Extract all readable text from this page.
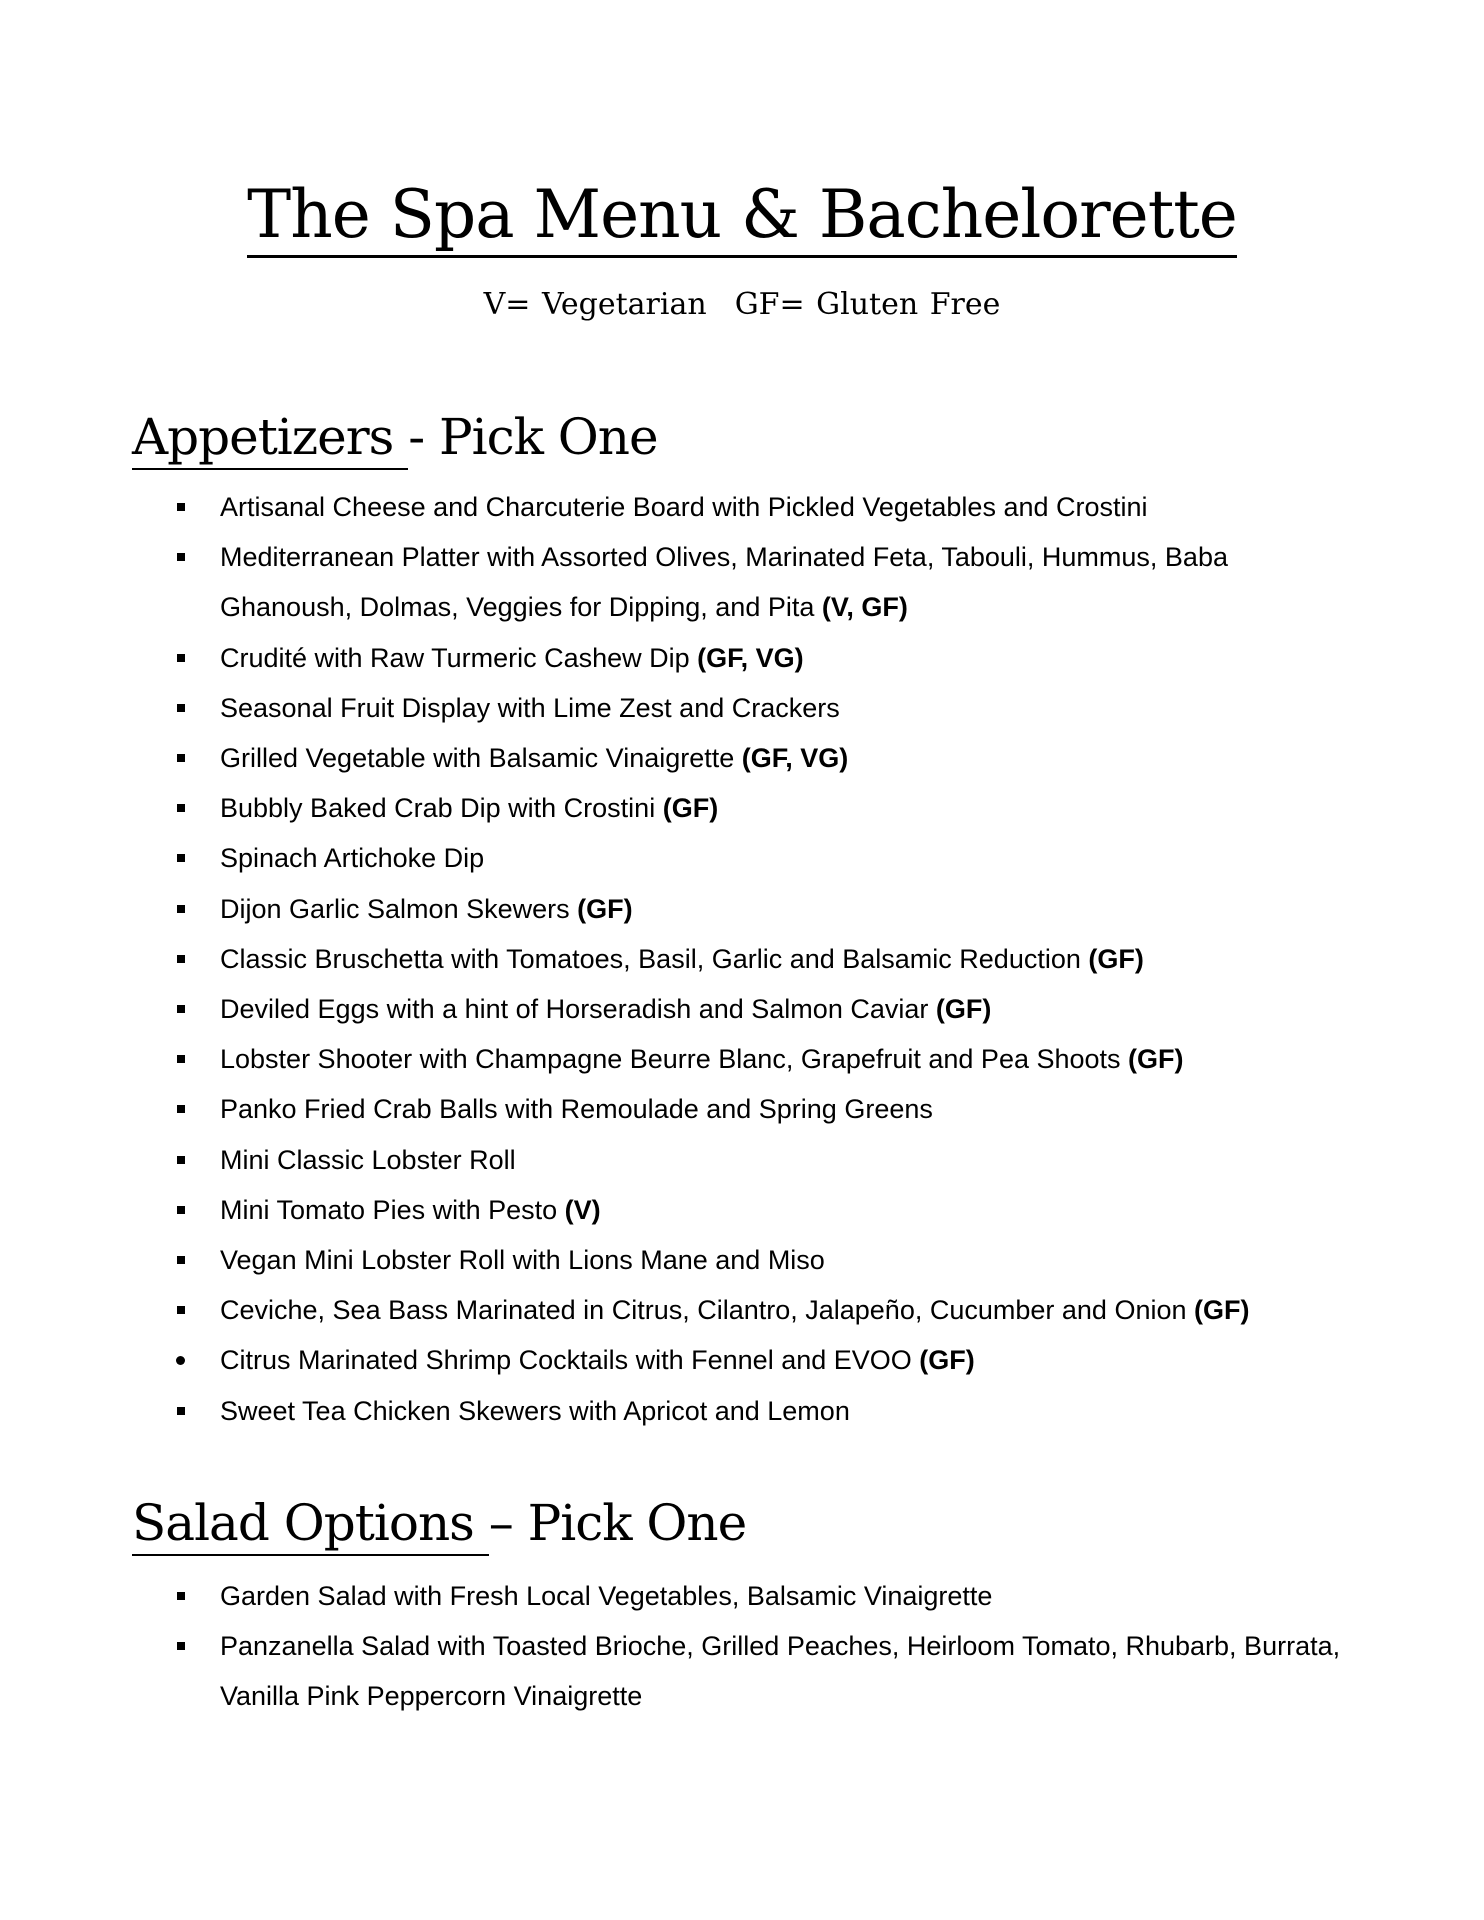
The Spa Menu & Bachelorette
V= Vegetarian GF= Gluten Free
Appetizers - Pick One
Artisanal Cheese and Charcuterie Board with Pickled Vegetables and Crostini
Mediterranean Platter with Assorted Olives, Marinated Feta, Tabouli, Hummus, Baba Ghanoush, Dolmas, Veggies for Dipping, and Pita (V, GF)
Crudité with Raw Turmeric Cashew Dip (GF, VG)
Seasonal Fruit Display with Lime Zest and Crackers
Grilled Vegetable with Balsamic Vinaigrette (GF, VG)
Bubbly Baked Crab Dip with Crostini (GF)
Spinach Artichoke Dip
Dijon Garlic Salmon Skewers (GF)
Classic Bruschetta with Tomatoes, Basil, Garlic and Balsamic Reduction (GF)
Deviled Eggs with a hint of Horseradish and Salmon Caviar (GF)
Lobster Shooter with Champagne Beurre Blanc, Grapefruit and Pea Shoots (GF)
Panko Fried Crab Balls with Remoulade and Spring Greens
Mini Classic Lobster Roll
Mini Tomato Pies with Pesto (V)
Vegan Mini Lobster Roll with Lions Mane and Miso
Ceviche, Sea Bass Marinated in Citrus, Cilantro, Jalapeño, Cucumber and Onion (GF)
Citrus Marinated Shrimp Cocktails with Fennel and EVOO (GF)
Sweet Tea Chicken Skewers with Apricot and Lemon
Salad Options – Pick One
Garden Salad with Fresh Local Vegetables, Balsamic Vinaigrette
Panzanella Salad with Toasted Brioche, Grilled Peaches, Heirloom Tomato, Rhubarb, Burrata, Vanilla Pink Peppercorn Vinaigrette
